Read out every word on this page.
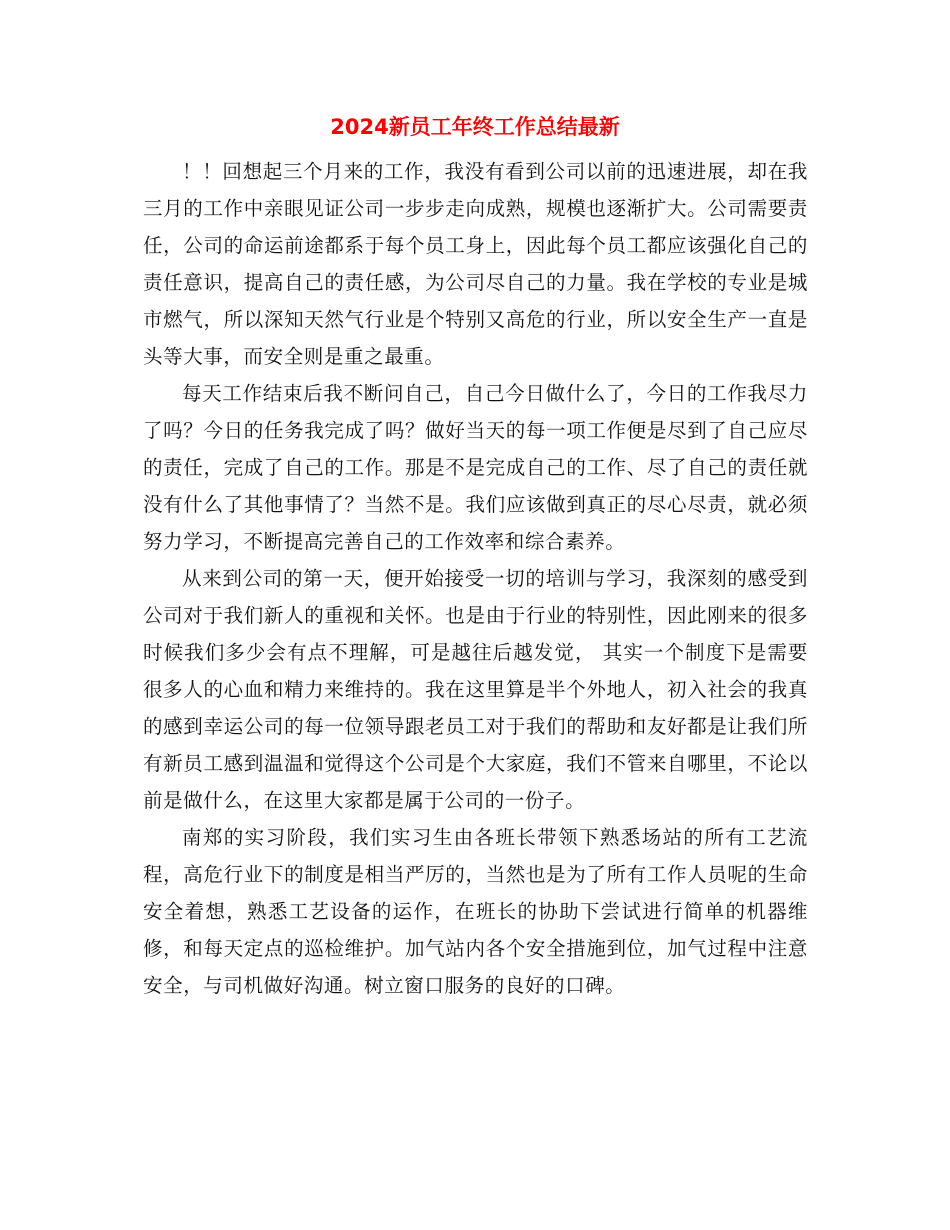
2024新员工年终工作总结最新

！！回想起三个月来的工作，我没有看到公司以前的迅速进展，却在我三月的工作中亲眼见证公司一步步走向成熟，规模也逐渐扩大。公司需要责任，公司的命运前途都系于每个员工身上，因此每个员工都应该强化自己的责任意识，提高自己的责任感，为公司尽自己的力量。我在学校的专业是城市燃气，所以深知天然气行业是个特别又高危的行业，所以安全生产一直是头等大事，而安全则是重之最重。

每天工作结束后我不断问自己，自己今日做什么了，今日的工作我尽力了吗？今日的任务我完成了吗？做好当天的每一项工作便是尽到了自己应尽的责任，完成了自己的工作。那是不是完成自己的工作、尽了自己的责任就没有什么了其他事情了？当然不是。我们应该做到真正的尽心尽责，就必须努力学习，不断提高完善自己的工作效率和综合素养。

从来到公司的第一天，便开始接受一切的培训与学习，我深刻的感受到公司对于我们新人的重视和关怀。也是由于行业的特别性，因此刚来的很多时候我们多少会有点不理解，可是越往后越发觉， 其实一个制度下是需要很多人的心血和精力来维持的。我在这里算是半个外地人，初入社会的我真的感到幸运公司的每一位领导跟老员工对于我们的帮助和友好都是让我们所有新员工感到温温和觉得这个公司是个大家庭，我们不管来自哪里，不论以前是做什么，在这里大家都是属于公司的一份子。

南郑的实习阶段，我们实习生由各班长带领下熟悉场站的所有工艺流程，高危行业下的制度是相当严厉的，当然也是为了所有工作人员呢的生命安全着想，熟悉工艺设备的运作，在班长的协助下尝试进行简单的机器维修，和每天定点的巡检维护。加气站内各个安全措施到位，加气过程中注意安全，与司机做好沟通。树立窗口服务的良好的口碑。
